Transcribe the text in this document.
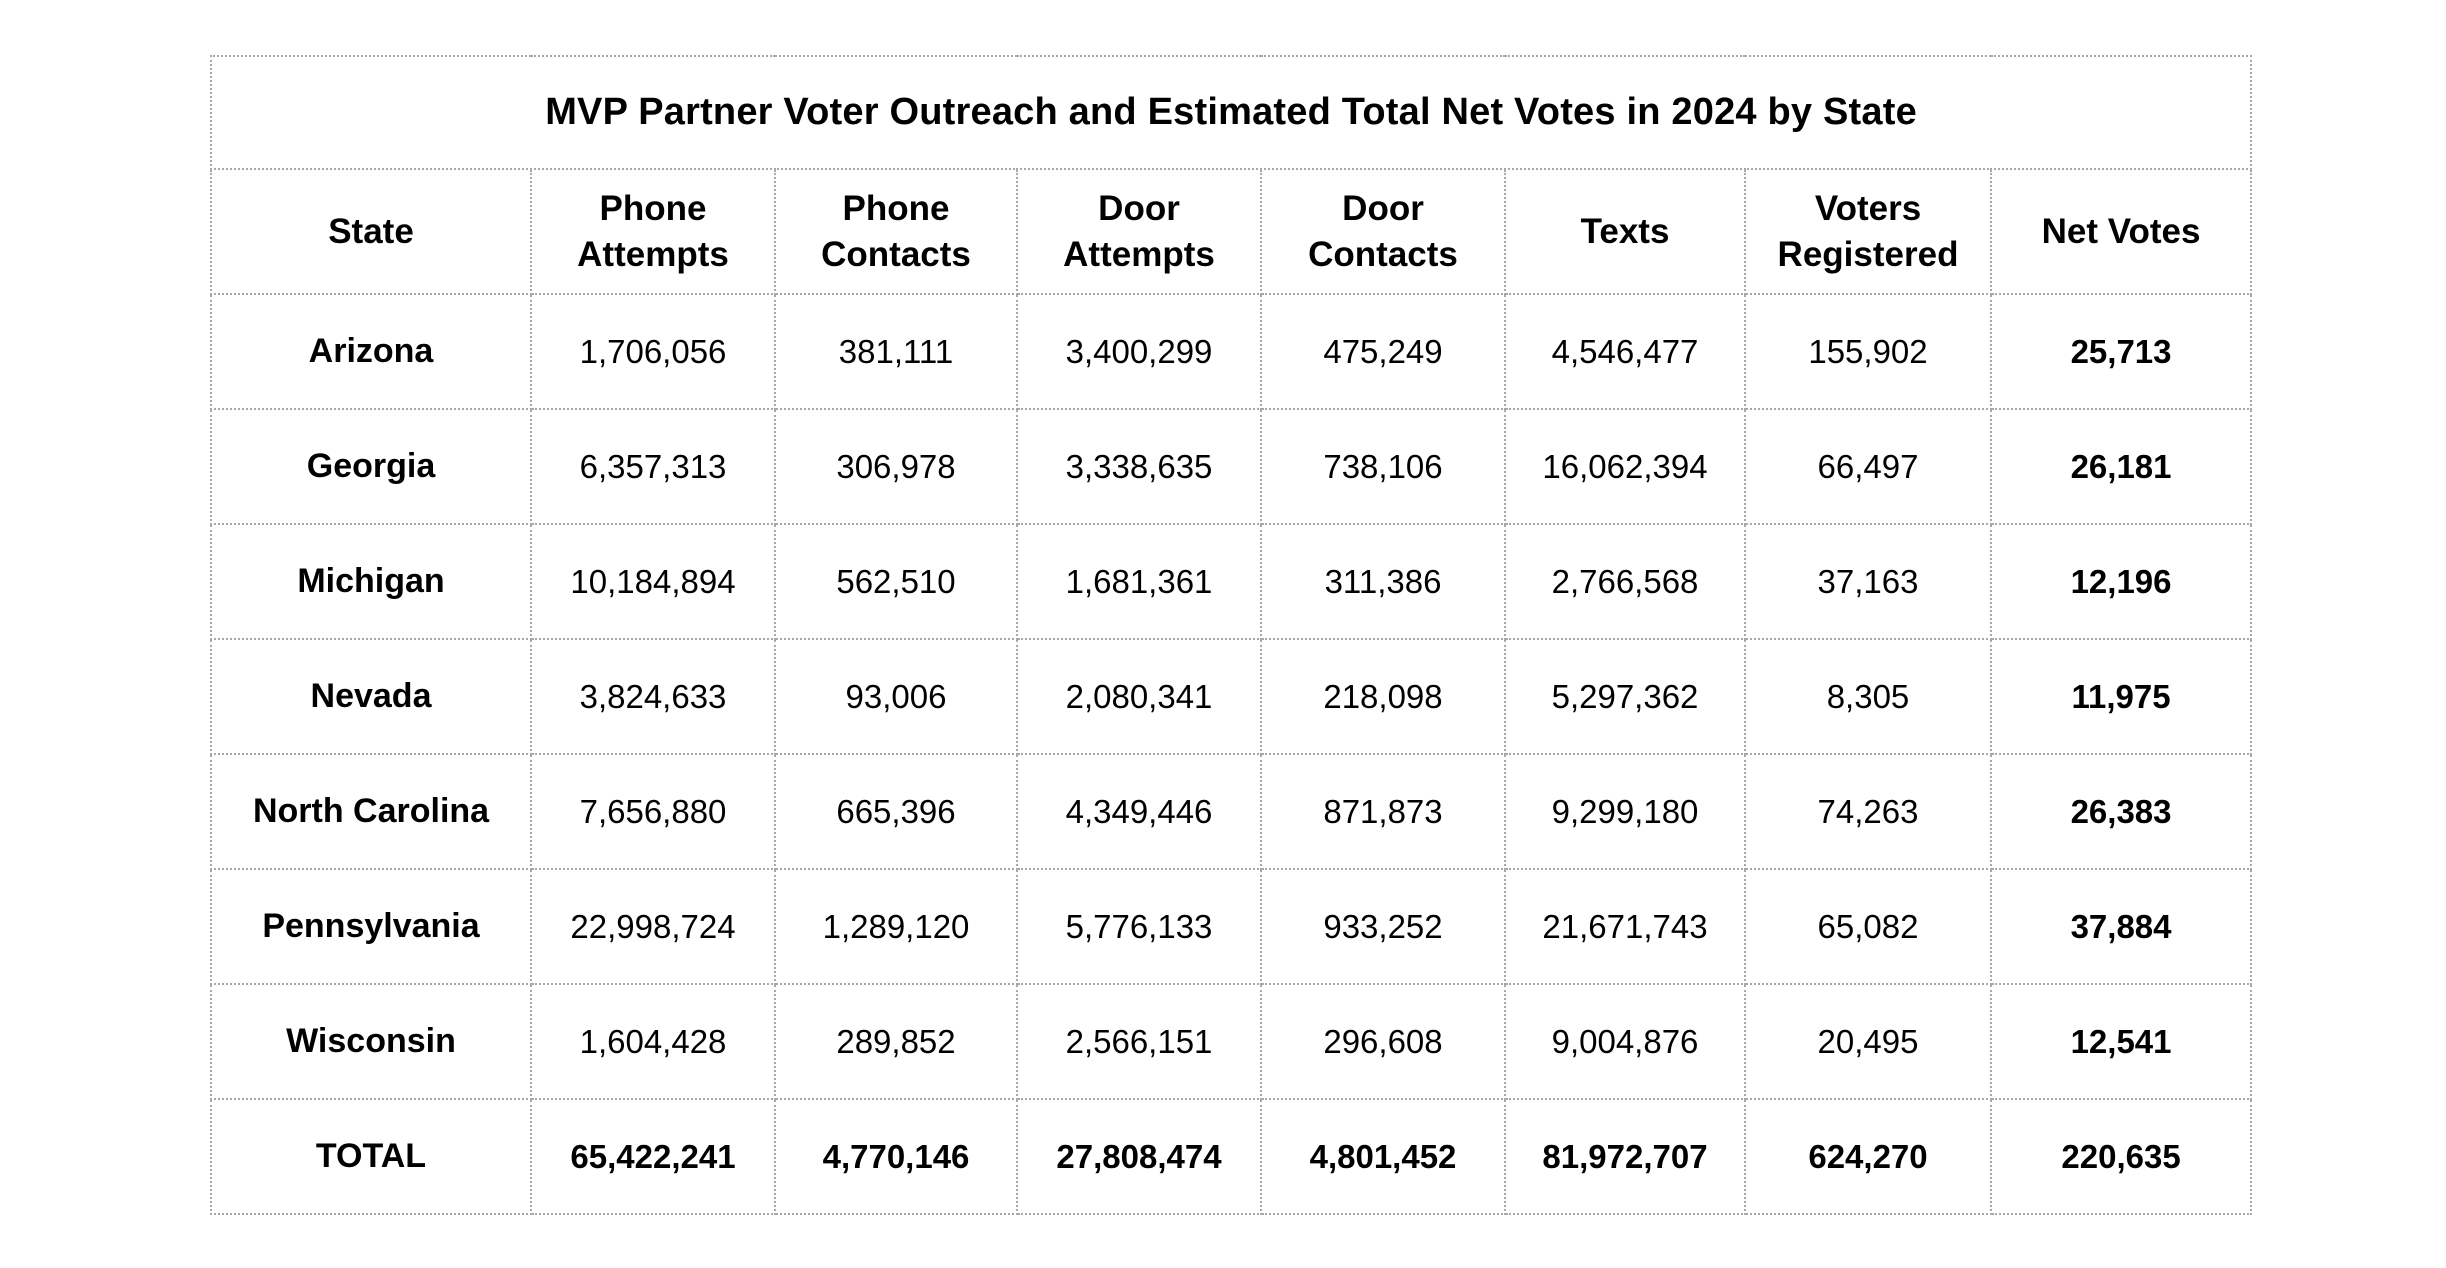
MVP Partner Voter Outreach and Estimated Total Net Votes in 2024 by State							
State	Phone Attempts	Phone Contacts	Door Attempts	Door Contacts	Texts	Voters Registered	Net Votes
Arizona	1,706,056	381,111	3,400,299	475,249	4,546,477	155,902	25,713
Georgia	6,357,313	306,978	3,338,635	738,106	16,062,394	66,497	26,181
Michigan	10,184,894	562,510	1,681,361	311,386	2,766,568	37,163	12,196
Nevada	3,824,633	93,006	2,080,341	218,098	5,297,362	8,305	11,975
North Carolina	7,656,880	665,396	4,349,446	871,873	9,299,180	74,263	26,383
Pennsylvania	22,998,724	1,289,120	5,776,133	933,252	21,671,743	65,082	37,884
Wisconsin	1,604,428	289,852	2,566,151	296,608	9,004,876	20,495	12,541
TOTAL	65,422,241	4,770,146	27,808,474	4,801,452	81,972,707	624,270	220,635
